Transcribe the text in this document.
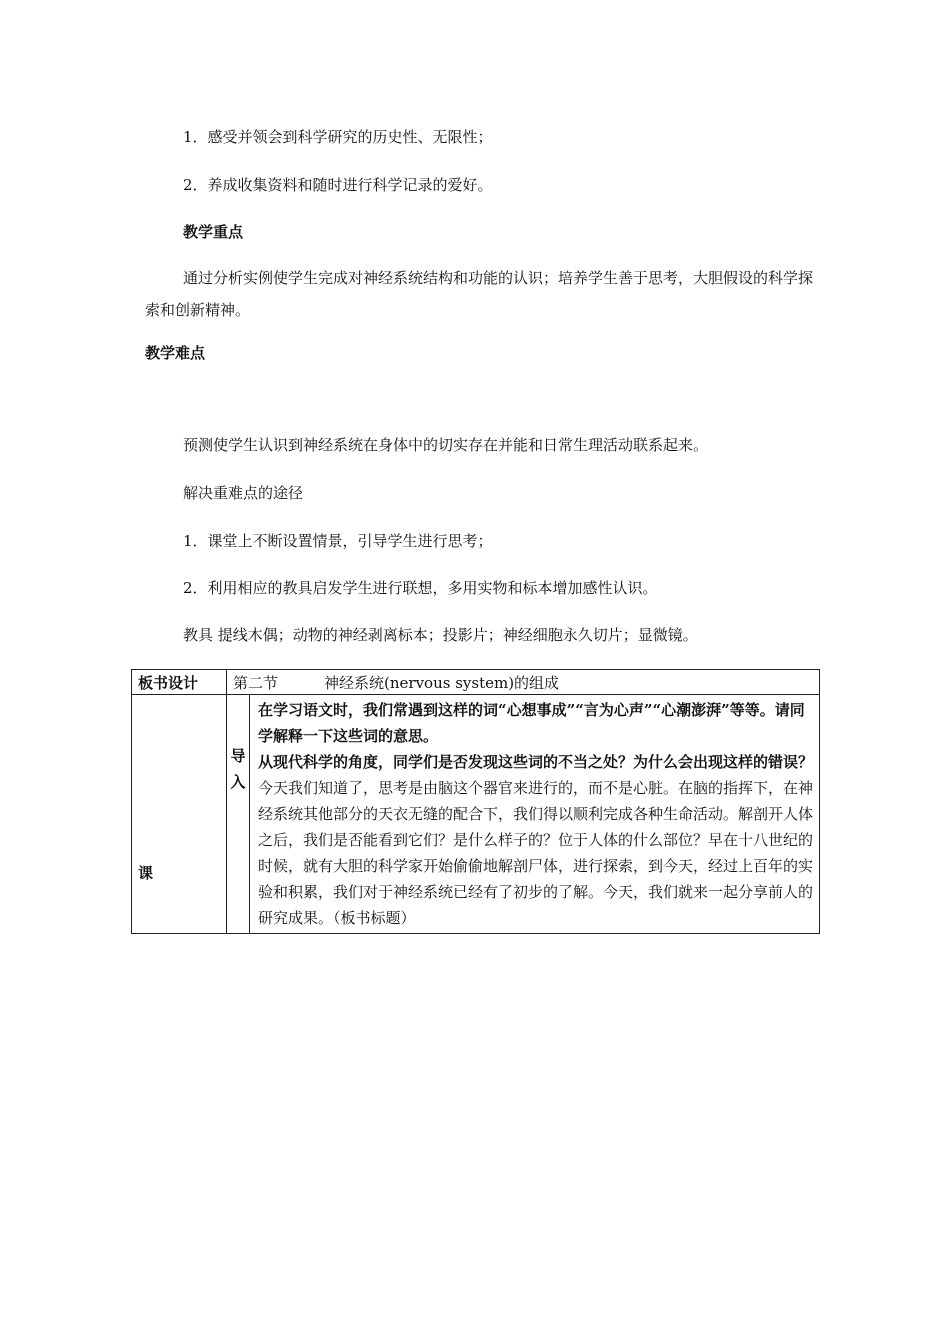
1．感受并领会到科学研究的历史性、无限性；
2．养成收集资料和随时进行科学记录的爱好。
教学重点
通过分析实例使学生完成对神经系统结构和功能的认识；培养学生善于思考，大胆假设的科学探索和创新精神。
教学难点
预测使学生认识到神经系统在身体中的切实存在并能和日常生理活动联系起来。
解决重难点的途径
1．课堂上不断设置情景，引导学生进行思考；
2．利用相应的教具启发学生进行联想，多用实物和标本增加感性认识。
教具 提线木偶；动物的神经剥离标本；投影片；神经细胞永久切片；显微镜。
板书设计	第二节 神经系统(nervous system)的组成	
课	导入	在学习语文时，我们常遇到这样的词“心想事成”“言为心声”“心潮澎湃”等等。请同学解释一下这些词的意思。

从现代科学的角度，同学们是否发现这些词的不当之处？为什么会出现这样的错误？

今天我们知道了，思考是由脑这个器官来进行的，而不是心脏。在脑的指挥下，在神经系统其他部分的天衣无缝的配合下，我们得以顺利完成各种生命活动。解剖开人体之后，我们是否能看到它们？是什么样子的？位于人体的什么部位？早在十八世纪的时候，就有大胆的科学家开始偷偷地解剖尸体，进行探索，到今天，经过上百年的实验和积累，我们对于神经系统已经有了初步的了解。今天，我们就来一起分享前人的研究成果。（板书标题）
